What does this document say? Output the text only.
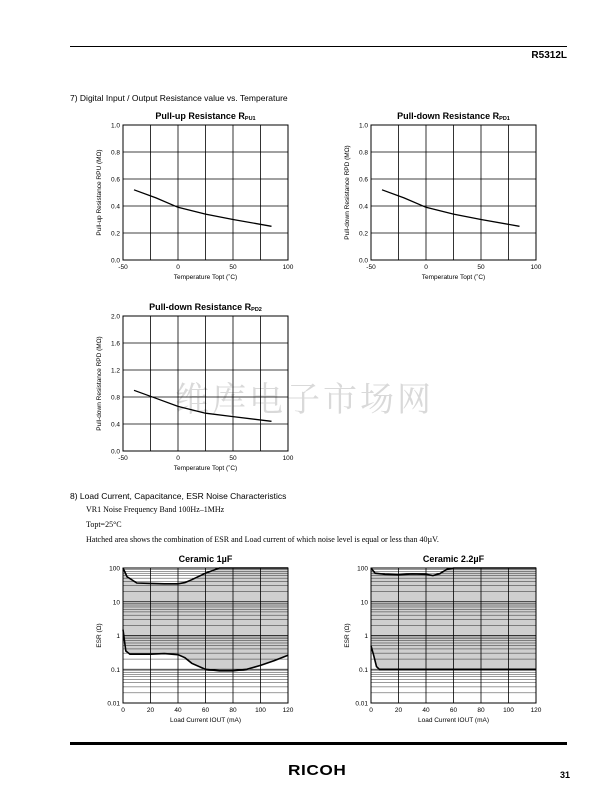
R5312L
7) Digital Input / Output Resistance value vs. Temperature
维库电子市场网
Pull-up Resistance RPU1
0.0
0.2
0.4
0.6
0.8
1.0
-50	0	50	100
Temperature Topt (˚C)
Pull-up Resistance RPU (MΩ)
Pull-down Resistance RPD1
0.0
0.2
0.4
0.6
0.8
1.0
-50	0	50	100
Temperature Topt (˚C)
Pull-down Resistance RPD (MΩ)
Pull-down Resistance RPD2
0.0
0.4
0.8
1.2
1.6
2.0
-50	0	50	100
Temperature Topt (˚C)
Pull-down Resistance RPD (MΩ)
8) Load Current, Capacitance, ESR Noise Characteristics
VR1 Noise Frequency Band 100Hz–1MHz
Topt=25°C
Hatched area shows the combination of ESR and Load current of which noise level is equal or less than 40µV.
Ceramic 1µF
0.01
0.1
1
10
100
0	20	40	60	80	100	120
Load Current IOUT (mA)
ESR (Ω)
Ceramic 2.2µF
0.01
0.1
1
10
100
0	20	40	60	80	100	120
Load Current IOUT (mA)
ESR (Ω)
RICOH	31
